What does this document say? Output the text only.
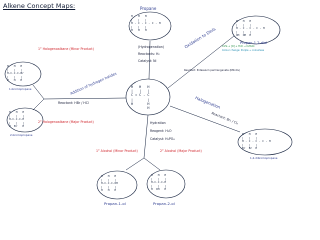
Alkene Concept Maps:
H   H   H
|   |   |
C = C - C
|       |
H       H
H
Propane
H   H   H
|   |   |
H - C - C - C - H
|   |   |
H   H   H
(Hydrogenation)
Reactants: H₂
Catalyst: Ni
Oxidation to Diols
Reactant: Potassium permanganate (KMnO₄)
C₃H₆ + [O] + H₂O → C₃H₈O₂
Colour change: Purple → colourless
Propan-1,2-diol
H   H   H
|   |   |
H - C - C - C - H
|   |   |
OH  OH  H
1° Halogenoalkane (Minor Product)
2° Halogenoalkane (Major Product)
Addition of hydrogen halides
Reactant: HBr / HCl
H   H   H
|   |   |
H-C-C-C-Br
|   |   |
H   H   H
1-bromopropane
H   H   H
|   |   |
H-C-C-C-H
|   |   |
H  Br   H
2-bromopropane
Halogenation
Reactant: Br₂ / Cl₂
H   H   H
|   |   |
H - C - C - C - H
|   |   |
Br  Br  H
1,2-dibromopropane
Hydration
Reagent: H₂O
Catalyst: H₃PO₄
1° Alcohol (Minor Product)	2° Alcohol (Major Product)
H   H   H
|   |   |
H-C-C-C-OH
|   |   |
H   H   H
Propan-1-ol
H   H   H
|   |   |
H-C-C-C-H
|   |   |
H  OH   H
Propan-2-ol
